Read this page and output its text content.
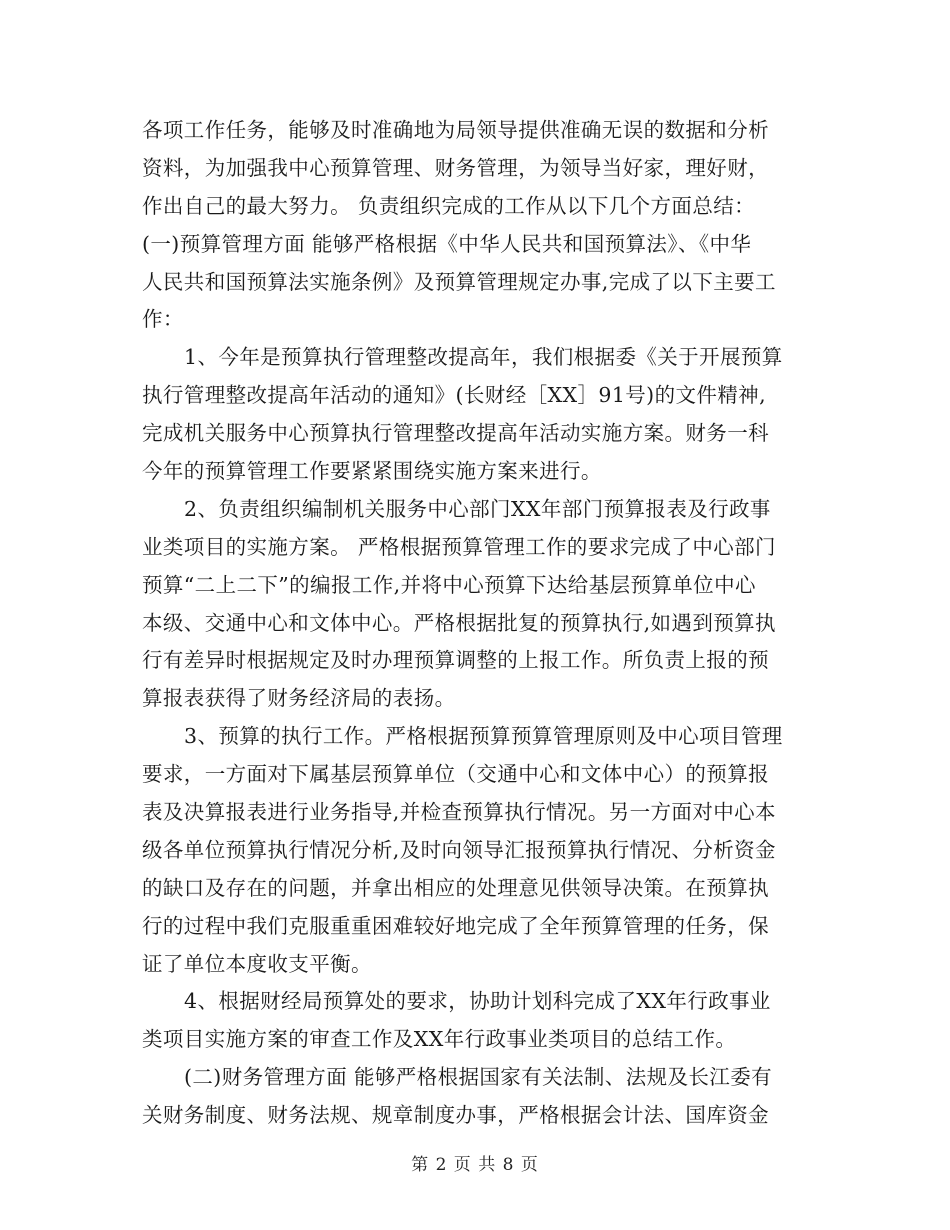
各项工作任务，能够及时准确地为局领导提供准确无误的数据和分析
资料，为加强我中心预算管理、财务管理，为领导当好家，理好财，
作出自己的最大努力。 负责组织完成的工作从以下几个方面总结：
(一)预算管理方面 能够严格根据《中华人民共和国预算法》、《中华
人民共和国预算法实施条例》及预算管理规定办事,完成了以下主要工
作：
1、今年是预算执行管理整改提高年，我们根据委《关于开展预算
执行管理整改提高年活动的通知》(长财经［XX］91号)的文件精神,
完成机关服务中心预算执行管理整改提高年活动实施方案。财务一科
今年的预算管理工作要紧紧围绕实施方案来进行。
2、负责组织编制机关服务中心部门XX年部门预算报表及行政事
业类项目的实施方案。 严格根据预算管理工作的要求完成了中心部门
预算“二上二下”的编报工作,并将中心预算下达给基层预算单位中心
本级、交通中心和文体中心。严格根据批复的预算执行,如遇到预算执
行有差异时根据规定及时办理预算调整的上报工作。所负责上报的预
算报表获得了财务经济局的表扬。
3、预算的执行工作。严格根据预算预算管理原则及中心项目管理
要求，一方面对下属基层预算单位（交通中心和文体中心）的预算报
表及决算报表进行业务指导,并检查预算执行情况。另一方面对中心本
级各单位预算执行情况分析,及时向领导汇报预算执行情况、分析资金
的缺口及存在的问题，并拿出相应的处理意见供领导决策。在预算执
行的过程中我们克服重重困难较好地完成了全年预算管理的任务，保
证了单位本度收支平衡。
4、根据财经局预算处的要求，协助计划科完成了XX年行政事业
类项目实施方案的审查工作及XX年行政事业类项目的总结工作。
(二)财务管理方面 能够严格根据国家有关法制、法规及长江委有
关财务制度、财务法规、规章制度办事，严格根据会计法、国库资金
第 2 页 共 8 页
